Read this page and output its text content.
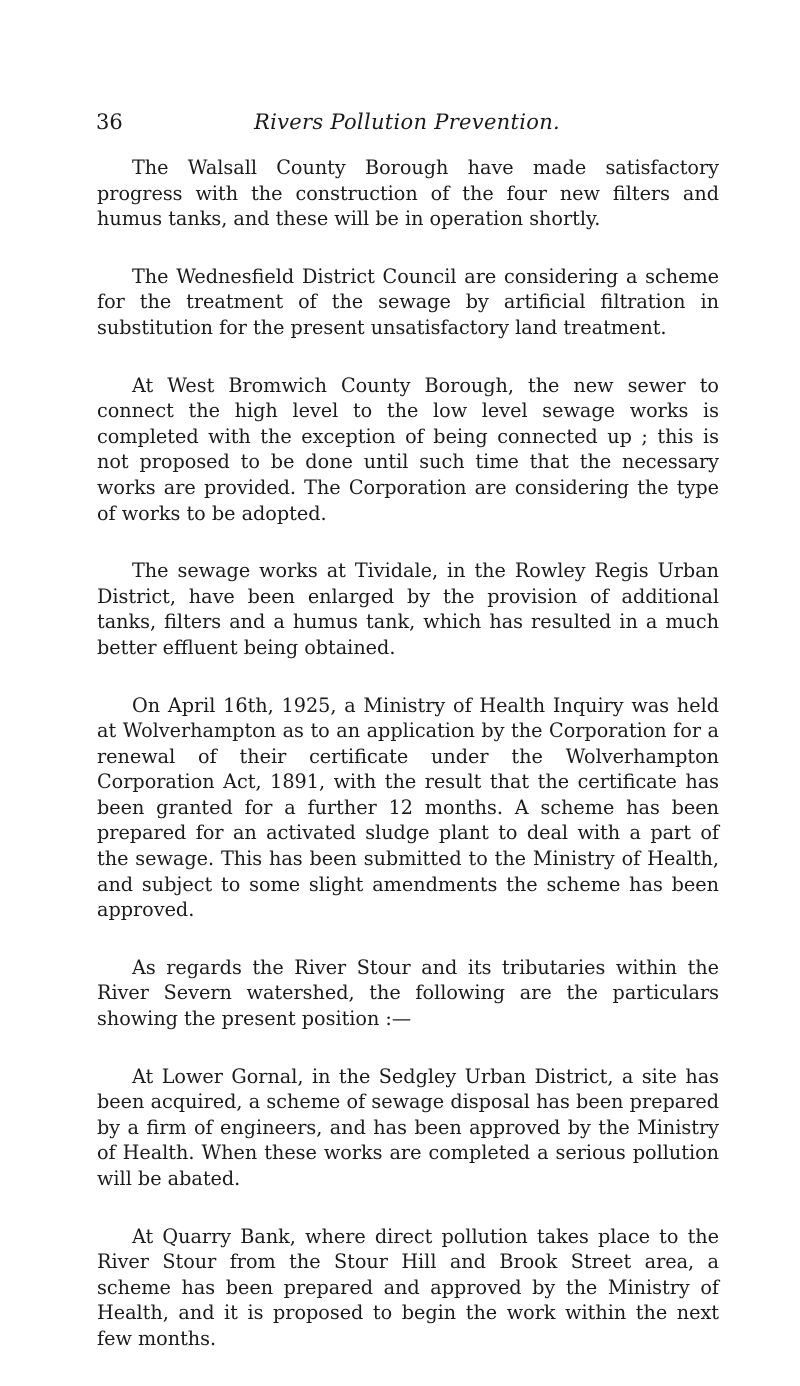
36	Rivers Pollution Prevention.

The Walsall County Borough have made satisfactory progress with the construction of the four new filters and humus tanks, and these will be in operation shortly.

The Wednesfield District Council are considering a scheme for the treatment of the sewage by artificial filtration in substitution for the present unsatisfactory land treatment.

At West Bromwich County Borough, the new sewer to connect the high level to the low level sewage works is completed with the exception of being connected up ; this is not proposed to be done until such time that the necessary works are provided. The Corporation are considering the type of works to be adopted.

The sewage works at Tividale, in the Rowley Regis Urban District, have been enlarged by the provision of additional tanks, filters and a humus tank, which has resulted in a much better effluent being obtained.

On April 16th, 1925, a Ministry of Health Inquiry was held at Wolverhampton as to an application by the Corporation for a renewal of their certificate under the Wolverhampton Corporation Act, 1891, with the result that the certificate has been granted for a further 12 months. A scheme has been prepared for an activated sludge plant to deal with a part of the sewage. This has been submitted to the Ministry of Health, and subject to some slight amendments the scheme has been approved.

As regards the River Stour and its tributaries within the River Severn watershed, the following are the particulars showing the present position :—

At Lower Gornal, in the Sedgley Urban District, a site has been acquired, a scheme of sewage disposal has been prepared by a firm of engineers, and has been approved by the Ministry of Health. When these works are completed a serious pollution will be abated.

At Quarry Bank, where direct pollution takes place to the River Stour from the Stour Hill and Brook Street area, a scheme has been prepared and approved by the Ministry of Health, and it is proposed to begin the work within the next few months.
